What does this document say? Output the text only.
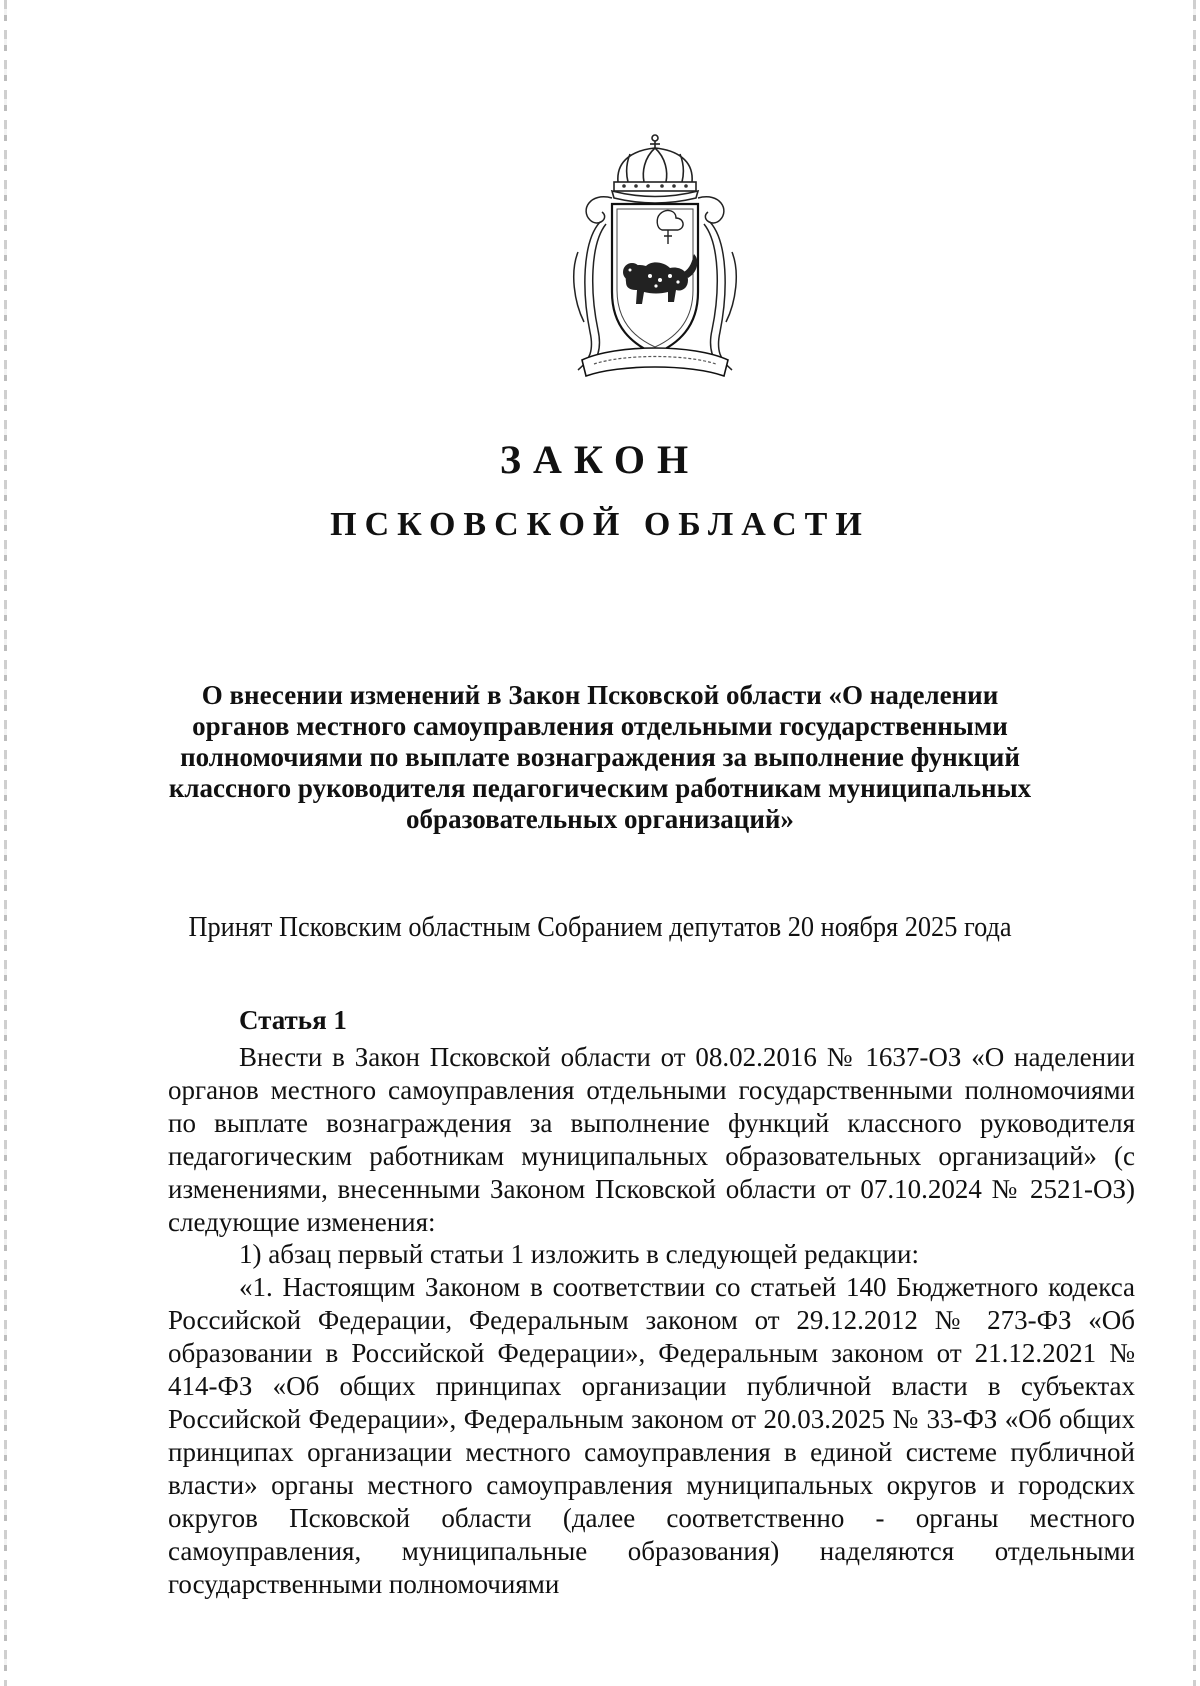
ЗАКОН
ПСКОВСКОЙ ОБЛАСТИ

О внесении изменений в Закон Псковской области «О наделении органов местного самоуправления отдельными государственными полномочиями по выплате вознаграждения за выполнение функций классного руководителя педагогическим работникам муниципальных образовательных организаций»

Принят Псковским областным Собранием депутатов 20 ноября 2025 года

Статья 1

Внести в Закон Псковской области от 08.02.2016 № 1637-ОЗ «О наделении органов местного самоуправления отдельными государственными полномочиями по выплате вознаграждения за выполнение функций классного руководителя педагогическим работникам муниципальных образовательных организаций» (с изменениями, внесенными Законом Псковской области от 07.10.2024 № 2521-ОЗ) следующие изменения:

1) абзац первый статьи 1 изложить в следующей редакции:

«1. Настоящим Законом в соответствии со статьей 140 Бюджетного кодекса Российской Федерации, Федеральным законом от 29.12.2012 № 273-ФЗ «Об образовании в Российской Федерации», Федеральным законом от 21.12.2021 № 414-ФЗ «Об общих принципах организации публичной власти в субъектах Российской Федерации», Федеральным законом от 20.03.2025 № 33-ФЗ «Об общих принципах организации местного самоуправления в единой системе публичной власти» органы местного самоуправления муниципальных округов и городских округов Псковской области (далее соответственно - органы местного самоуправления, муниципальные образования) наделяются отдельными государственными полномочиями
